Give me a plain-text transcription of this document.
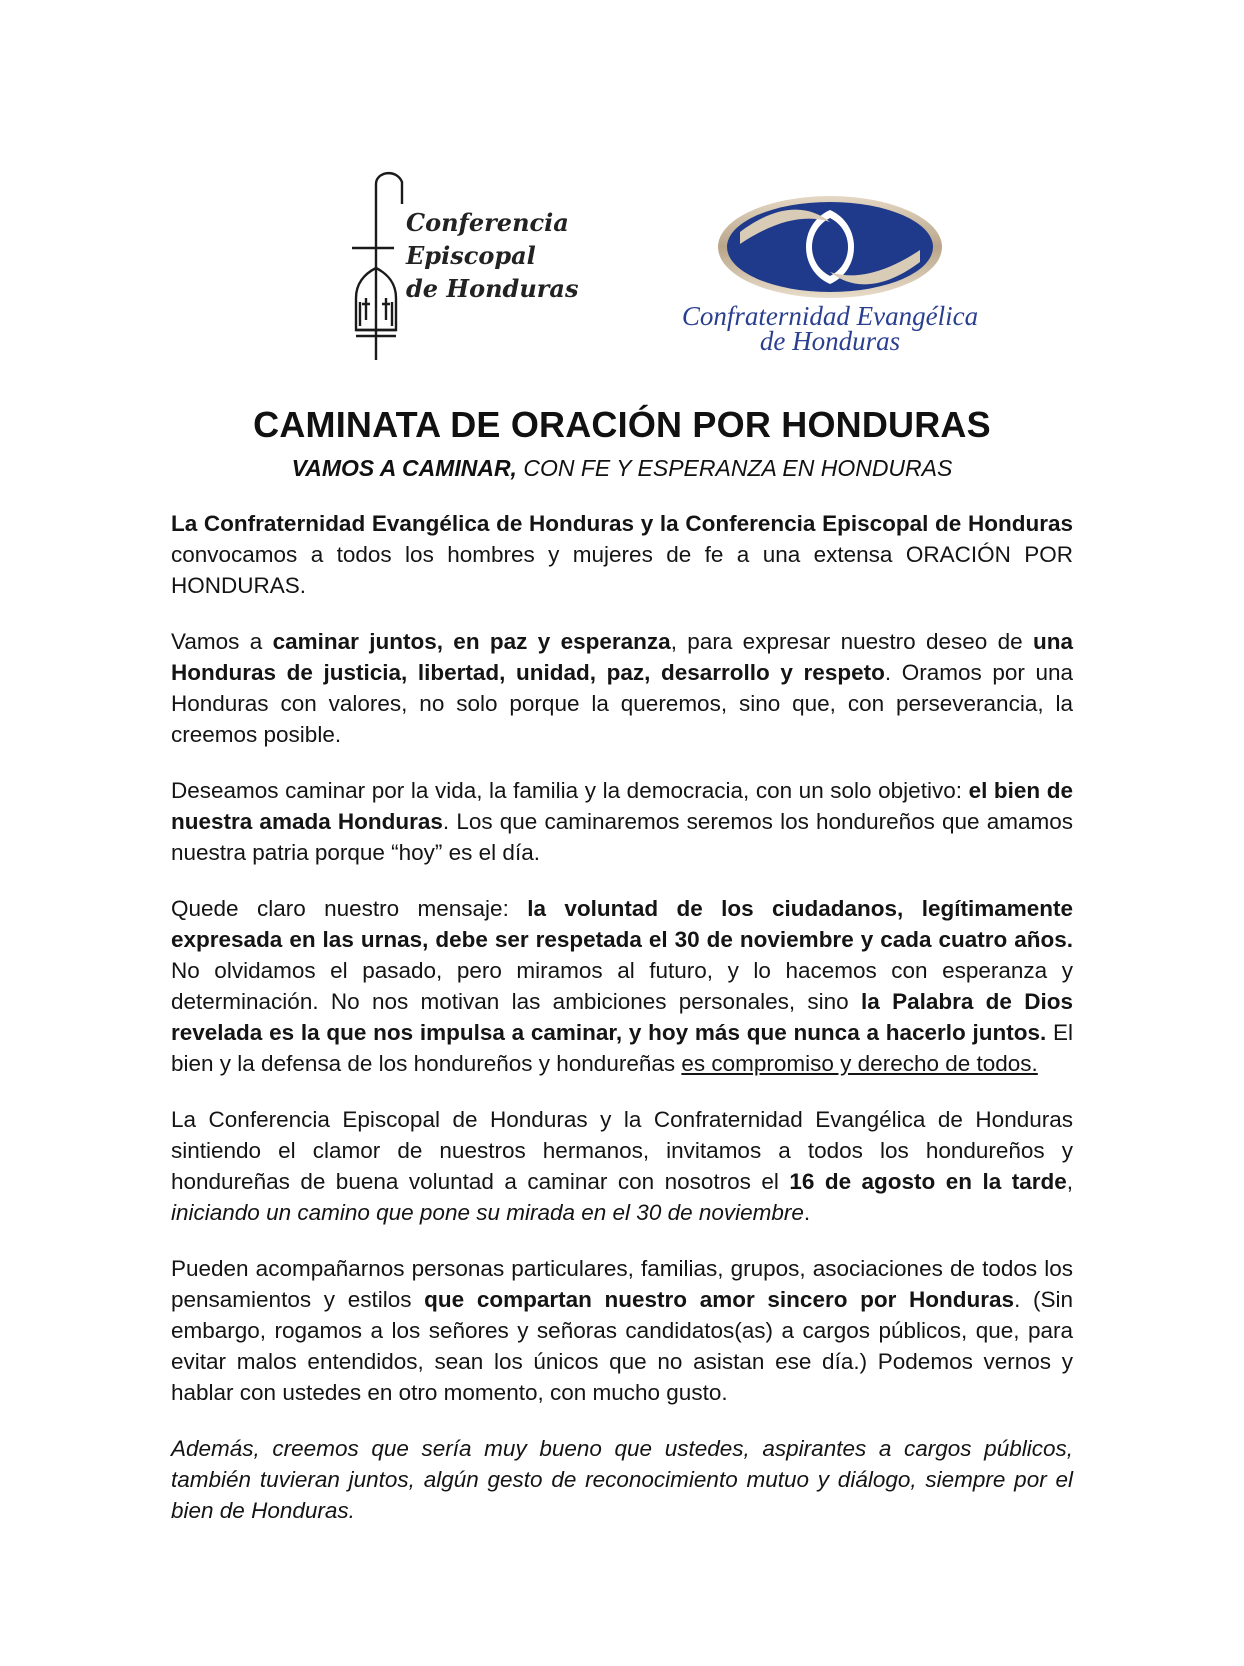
Conferencia
Episcopal
de Honduras
Confraternidad Evangélica
de Honduras
CAMINATA DE ORACIÓN POR HONDURAS

VAMOS A CAMINAR, CON FE Y ESPERANZA EN HONDURAS

La Confraternidad Evangélica de Honduras y la Conferencia Episcopal de Honduras convocamos a todos los hombres y mujeres de fe a una extensa ORACIÓN POR HONDURAS.

Vamos a caminar juntos, en paz y esperanza, para expresar nuestro deseo de una Honduras de justicia, libertad, unidad, paz, desarrollo y respeto. Oramos por una Honduras con valores, no solo porque la queremos, sino que, con perseverancia, la creemos posible.

Deseamos caminar por la vida, la familia y la democracia, con un solo objetivo: el bien de nuestra amada Honduras. Los que caminaremos seremos los hondureños que amamos nuestra patria porque “hoy” es el día.

Quede claro nuestro mensaje: la voluntad de los ciudadanos, legítimamente expresada en las urnas, debe ser respetada el 30 de noviembre y cada cuatro años. No olvidamos el pasado, pero miramos al futuro, y lo hacemos con esperanza y determinación. No nos motivan las ambiciones personales, sino la Palabra de Dios revelada es la que nos impulsa a caminar, y hoy más que nunca a hacerlo juntos. El bien y la defensa de los hondureños y hondureñas es compromiso y derecho de todos.

La Conferencia Episcopal de Honduras y la Confraternidad Evangélica de Honduras sintiendo el clamor de nuestros hermanos, invitamos a todos los hondureños y hondureñas de buena voluntad a caminar con nosotros el 16 de agosto en la tarde, iniciando un camino que pone su mirada en el 30 de noviembre.

Pueden acompañarnos personas particulares, familias, grupos, asociaciones de todos los pensamientos y estilos que compartan nuestro amor sincero por Honduras. (Sin embargo, rogamos a los señores y señoras candidatos(as) a cargos públicos, que, para evitar malos entendidos, sean los únicos que no asistan ese día.) Podemos vernos y hablar con ustedes en otro momento, con mucho gusto.

Además, creemos que sería muy bueno que ustedes, aspirantes a cargos públicos, también tuvieran juntos, algún gesto de reconocimiento mutuo y diálogo, siempre por el bien de Honduras.
